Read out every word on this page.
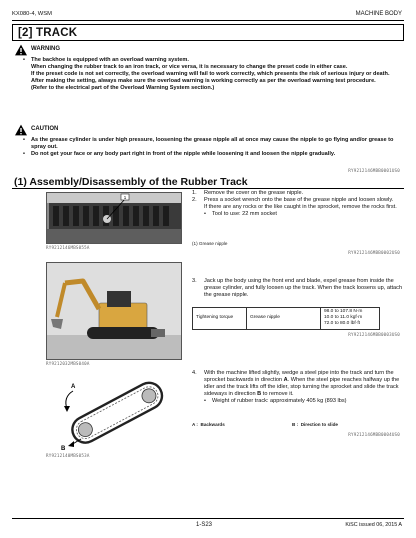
KX080-4, WSM	MACHINE BODY
[2] TRACK
WARNING
• The backhoe is equipped with an overload warning system.
When changing the rubber track to an iron track, or vice versa, it is necessary to change the preset code in either case.
If the preset code is not set correctly, the overload warning will fail to work correctly, which presents the risk of serious injury or death.
After making the setting, always make sure the overload warning is working correctly as per the overload warning test procedure.
(Refer to the electrical part of the Overload Warning System section.)
CAUTION
• As the grease cylinder is under high pressure, loosening the grease nipple all at once may cause the nipple to go flying and/or grease to spray out.
• Do not get your face or any body part right in front of the nipple while loosening it and loosen the nipple gradually.
RY9212146MBB0001US0
(1) Assembly/Disassembly of the Rubber Track
1
RY9212146MBS055A
1. Remove the cover on the grease nipple.
2. Press a socket wrench onto the base of the grease nipple and loosen slowly.
If there are any rocks or the like caught in the sprocket, remove the rocks first.
• Tool to use: 22 mm socket
(1) Grease nipple
RY9212146MBB0002US0
RY9212032MBS040A
3. Jack up the body using the front end and blade, expel grease from inside the grease cylinder, and fully loosen up the track. When the track loosens up, attach the grease nipple.
Tightening torque	Grease nipple	
98.0 to 107.8 N·m
10.0 to 11.0 kgf·m
72.0 to 80.0 lbf·ft
RY9212146MBB0003US0
A
B
RY9212140MBS053A
4. With the machine lifted slightly, wedge a steel pipe into the track and turn the sprocket backwards in direction A. When the steel pipe reaches halfway up the idler and the track lifts off the idler, stop turning the sprocket and slide the track sideways in direction B to remove it.
• Weight of rubber track: approximately 405 kg (893 lbs)
A : Backwards	B : Direction to slide
RY9212146MBB0004US0
1-S23	KiSC issued 06, 2015 A
